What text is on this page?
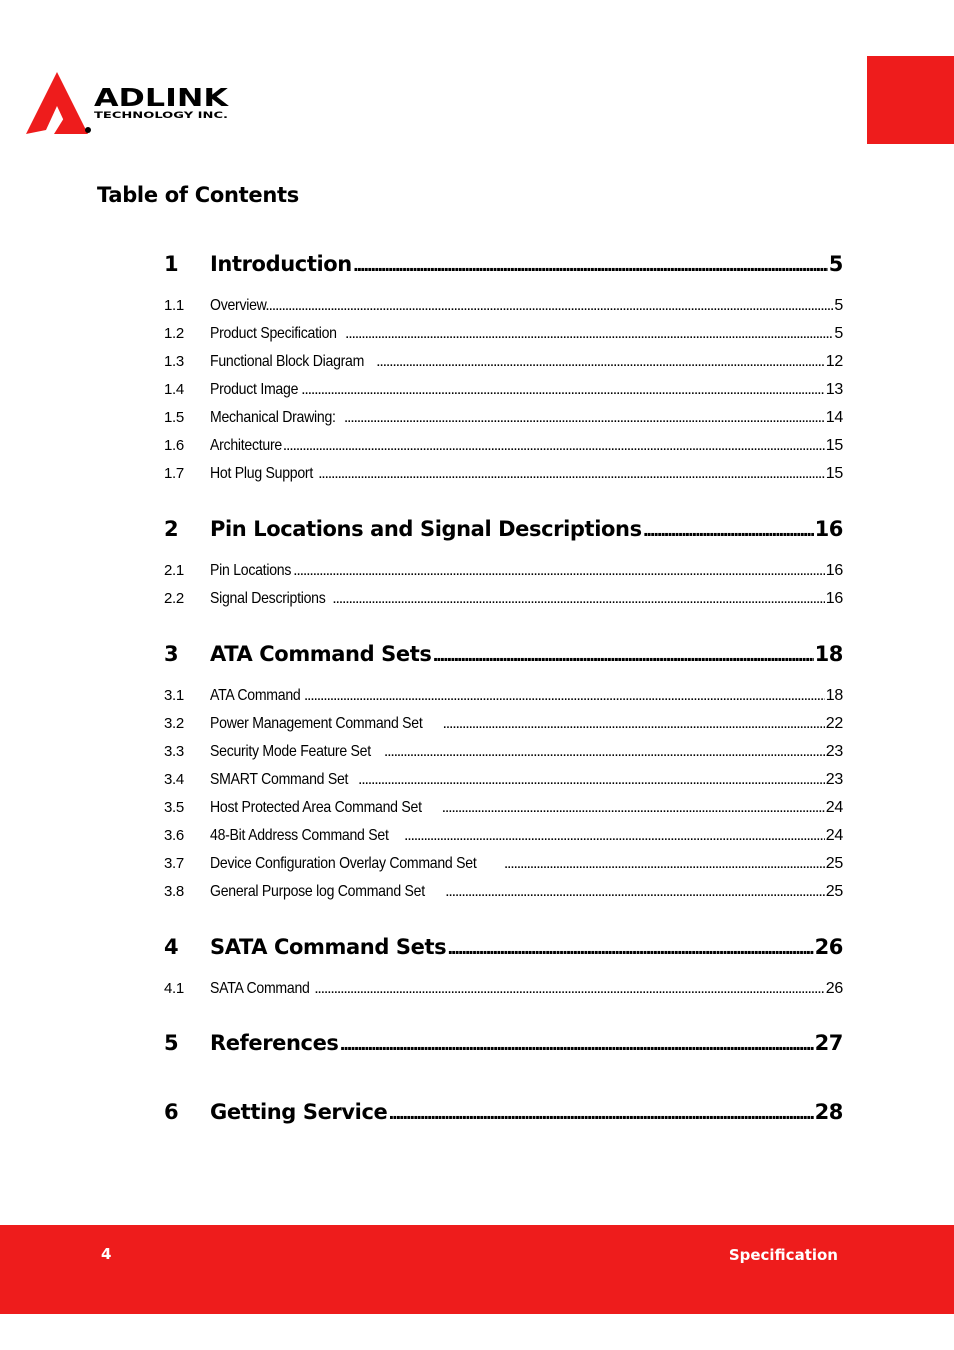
ADLINK
TECHNOLOGY INC.
Table of Contents
1	Introduction .....	5
1.1	Overview .....	5
1.2	Product Specification .....	5
1.3	Functional Block Diagram .....	12
1.4	Product Image .....	13
1.5	Mechanical Drawing: .....	14
1.6	Architecture .....	15
1.7	Hot Plug Support .....	15
2	Pin Locations and Signal Descriptions .....	16
2.1	Pin Locations .....	16
2.2	Signal Descriptions .....	16
3	ATA Command Sets .....	18
3.1	ATA Command .....	18
3.2	Power Management Command Set .....	22
3.3	Security Mode Feature Set .....	23
3.4	SMART Command Set .....	23
3.5	Host Protected Area Command Set .....	24
3.6	48-Bit Address Command Set .....	24
3.7	Device Configuration Overlay Command Set .....	25
3.8	General Purpose log Command Set .....	25
4	SATA Command Sets .....	26
4.1	SATA Command .....	26
5	References .....	27
6	Getting Service .....	28
4	Specification
